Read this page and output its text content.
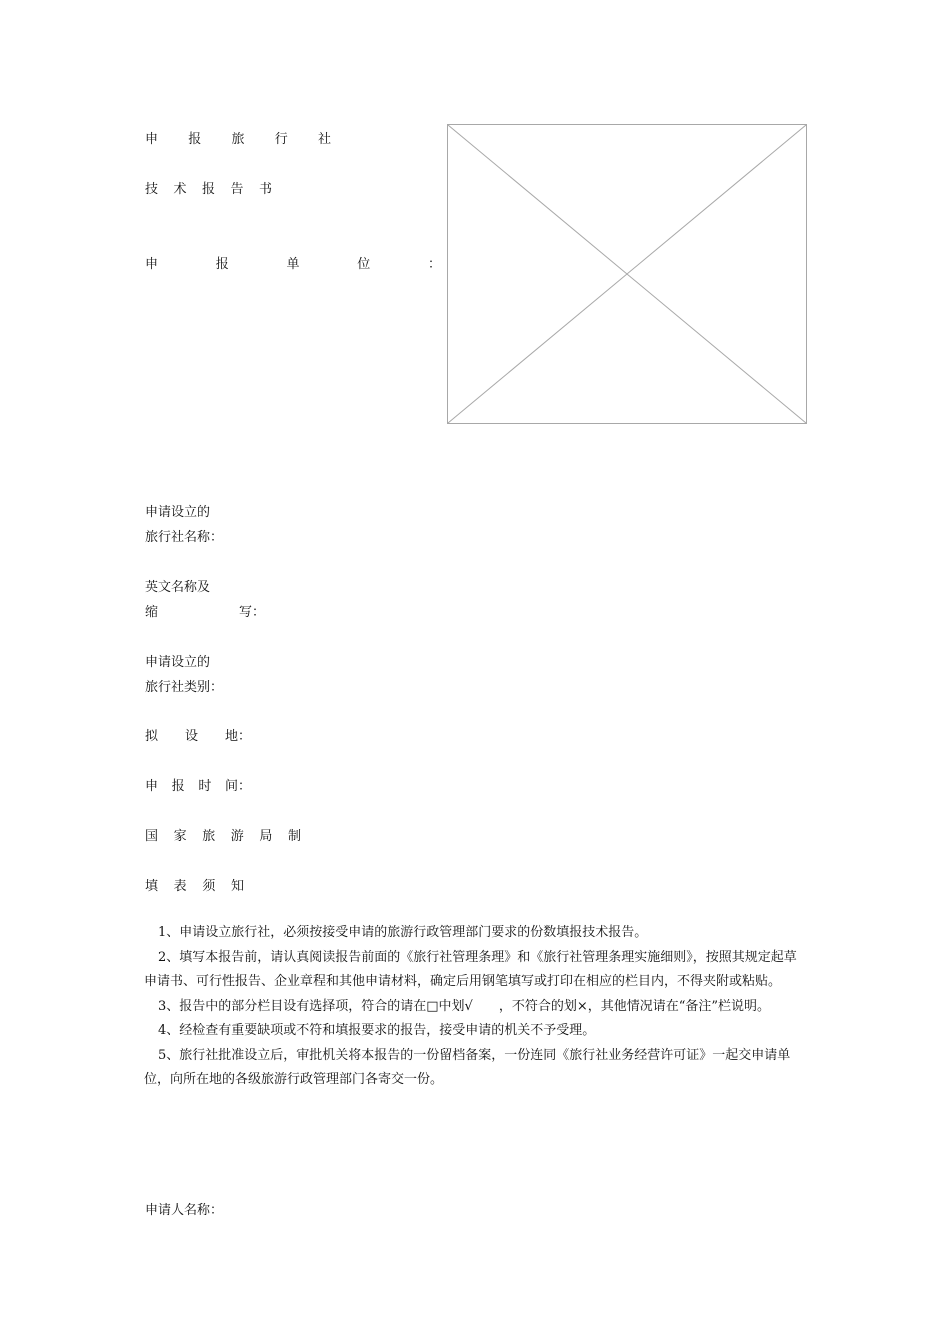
申 报 旅 行 社
技 术 报 告 书
申	报	单	位	：
申请设立的
旅行社名称：
英文名称及
缩	写：
申请设立的
旅行社类别：
拟 设 地：
申 报 时 间：
国 家 旅 游 局 制
填 表 须 知

1、申请设立旅行社，必须按接受申请的旅游行政管理部门要求的份数填报技术报告。

2、填写本报告前，请认真阅读报告前面的《旅行社管理条理》和《旅行社管理条理实施细则》，按照其规定起草申请书、可行性报告、企业章程和其他申请材料，确定后用钢笔填写或打印在相应的栏目内，不得夹附或粘贴。

3、报告中的部分栏目设有选择项，符合的请在□中划√　　，不符合的划×，其他情况请在“备注”栏说明。

4、经检查有重要缺项或不符和填报要求的报告，接受申请的机关不予受理。

5、旅行社批准设立后，审批机关将本报告的一份留档备案，一份连同《旅行社业务经营许可证》一起交申请单位，向所在地的各级旅游行政管理部门各寄交一份。

申请人名称：
